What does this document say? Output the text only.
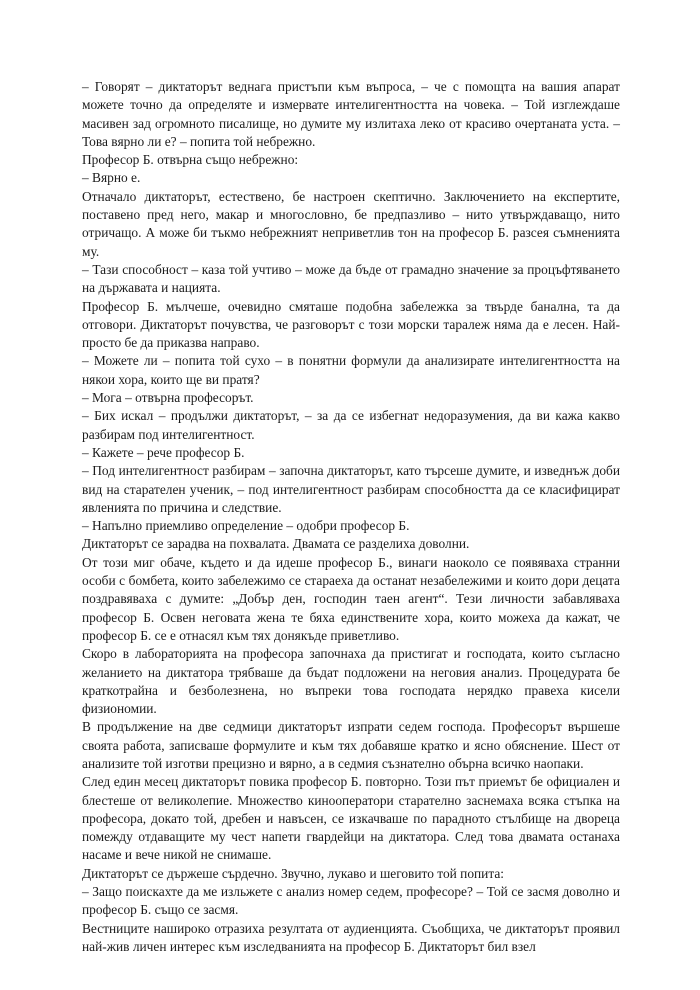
– Говорят – диктаторът веднага пристъпи към въпроса, – че с помощта на вашия апарат можете точно да определяте и измервате интелигентността на човека. – Той изглеждаше масивен зад огромното писалище, но думите му излитаха леко от красиво очертаната уста. – Това вярно ли е? – попита той небрежно.

Професор Б. отвърна също небрежно:

– Вярно е.

Отначало диктаторът, естествено, бе настроен скептично. Заключението на експертите, поставено пред него, макар и многословно, бе предпазливо – нито утвърждаващо, нито отричащо. А може би тъкмо небрежният неприветлив тон на професор Б. разсея съмненията му.

– Тази способност – каза той учтиво – може да бъде от грамадно значение за процъфтяването на държавата и нацията.

Професор Б. мълчеше, очевидно смяташе подобна забележка за твърде банална, та да отговори. Диктаторът почувства, че разговорът с този морски таралеж няма да е лесен. Най-просто бе да приказва направо.

– Можете ли – попита той сухо – в понятни формули да анализирате интелигентността на някои хора, които ще ви пратя?

– Мога – отвърна професорът.

– Бих искал – продължи диктаторът, – за да се избегнат недоразумения, да ви кажа какво разбирам под интелигентност.

– Кажете – рече професор Б.

– Под интелигентност разбирам – започна диктаторът, като търсеше думите, и изведнъж доби вид на старателен ученик, – под интелигентност разбирам способността да се класифицират явленията по причина и следствие.

– Напълно приемливо определение – одобри професор Б.

Диктаторът се зарадва на похвалата. Двамата се разделиха доволни.

От този миг обаче, където и да идеше професор Б., винаги наоколо се появяваха странни особи с бомбета, които забележимо се стараеха да останат незабележими и които дори децата поздравяваха с думите: „Добър ден, господин таен агент“. Тези личности забавляваха професор Б. Освен неговата жена те бяха единствените хора, които можеха да кажат, че професор Б. се е отнасял към тях донякъде приветливо.

Скоро в лабораторията на професора започнаха да пристигат и господата, които съгласно желанието на диктатора трябваше да бъдат подложени на неговия анализ. Процедурата бе краткотрайна и безболезнена, но въпреки това господата нерядко правеха кисели физиономии.

В продължение на две седмици диктаторът изпрати седем господа. Професорът вършеше своята работа, записваше формулите и към тях добавяше кратко и ясно обяснение. Шест от анализите той изготви прецизно и вярно, а в седмия съзнателно обърна всичко наопаки.

След един месец диктаторът повика професор Б. повторно. Този път приемът бе официален и блестеше от великолепие. Множество кинооператори старателно заснемаха всяка стъпка на професора, докато той, дребен и навъсен, се изкачваше по парадното стълбище на двореца помежду отдаващите му чест напети гвардейци на диктатора. След това двамата останаха насаме и вече никой не снимаше.

Диктаторът се държеше сърдечно. Звучно, лукаво и шеговито той попита:

– Защо поискахте да ме изльжете с анализ номер седем, професоре? – Той се засмя доволно и професор Б. също се засмя.

Вестниците нашироко отразиха резултата от аудиенцията. Съобщиха, че диктаторът проявил най-жив личен интерес към изследванията на професор Б. Диктаторът бил взел
